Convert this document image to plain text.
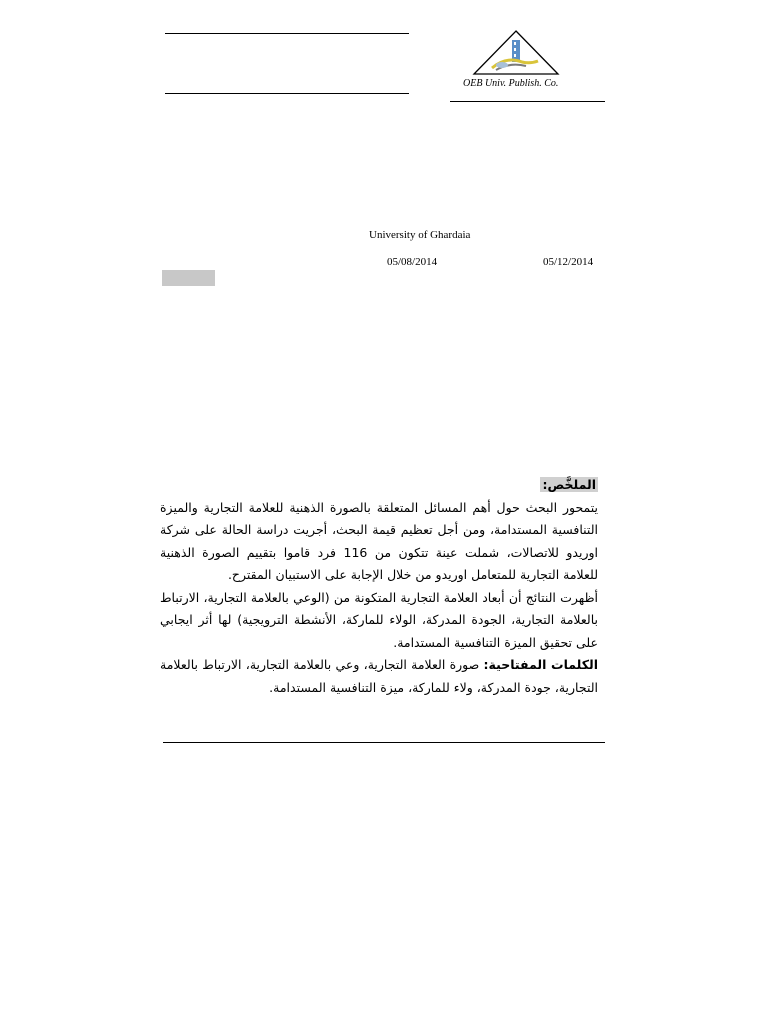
OEB Univ. Publish. Co.
University of Ghardaia
05/08/2014	05/12/2014

الملخَّص:

يتمحور البحث حول أهم المسائل المتعلقة بالصورة الذهنية للعلامة التجارية والميزة التنافسية المستدامة، ومن أجل تعظيم قيمة البحث، أجريت دراسة الحالة على شركة اوريدو للاتصالات، شملت عينة تتكون من 116 فرد قاموا بتقييم الصورة الذهنية للعلامة التجارية للمتعامل اوريدو من خلال الإجابة على الاستبيان المقترح.

أظهرت النتائج أن أبعاد العلامة التجارية المتكونة من (الوعي بالعلامة التجارية، الارتباط بالعلامة التجارية، الجودة المدركة، الولاء للماركة، الأنشطة الترويجية) لها أثر ايجابي على تحقيق الميزة التنافسية المستدامة.

الكلمات المفتاحية: صورة العلامة التجارية، وعي بالعلامة التجارية، الارتباط بالعلامة التجارية، جودة المدركة، ولاء للماركة، ميزة التنافسية المستدامة.
